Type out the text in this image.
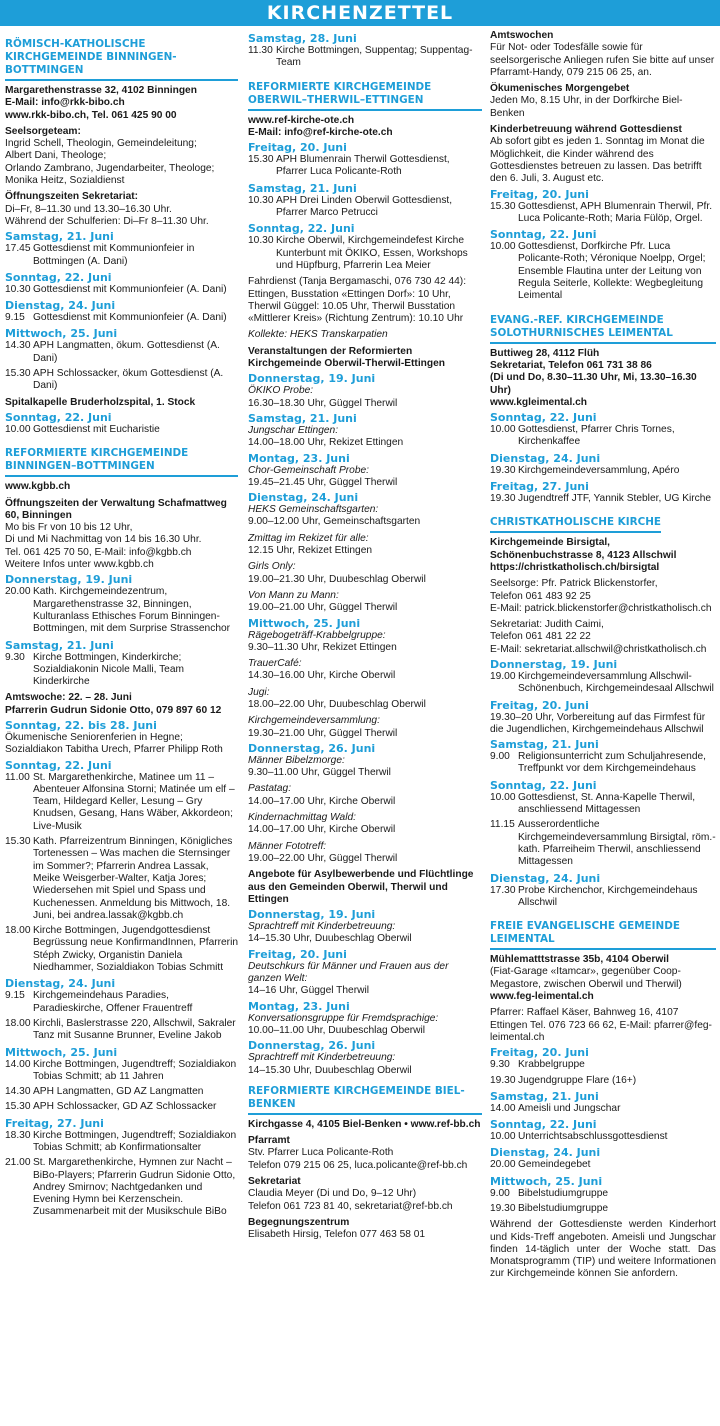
KIRCHENZETTEL
RÖMISCH-KATHOLISCHE KIRCHGEMEINDE BINNINGEN-BOTTMINGEN
Margarethenstrasse 32, 4102 Binningen
E-Mail: info@rkk-bibo.ch
www.rkk-bibo.ch, Tel. 061 425 90 00
Seelsorgeteam:
Ingrid Schell, Theologin, Gemeindeleitung;
Albert Dani, Theologe;
Orlando Zambrano, Jugendarbeiter, Theologe;
Monika Heitz, Sozialdienst
Öffnungszeiten Sekretariat:
Di–Fr, 8–11.30 und 13.30–16.30 Uhr.
Während der Schulferien: Di–Fr 8–11.30 Uhr.
Samstag, 21. Juni
17.45 Gottesdienst mit Kommunionfeier in Bottmingen (A. Dani)
Sonntag, 22. Juni
10.30 Gottesdienst mit Kommunionfeier (A. Dani)
Dienstag, 24. Juni
9.15 Gottesdienst mit Kommunionfeier (A. Dani)
Mittwoch, 25. Juni
14.30 APH Langmatten, ökum. Gottesdienst (A. Dani)
15.30 APH Schlossacker, ökum Gottesdienst (A. Dani)
Spitalkapelle Bruderholzspital, 1. Stock
Sonntag, 22. Juni
10.00 Gottesdienst mit Eucharistie
REFORMIERTE KIRCHGEMEINDE BINNINGEN–BOTTMINGEN
www.kgbb.ch
Öffnungszeiten der Verwaltung Schafmattweg 60, Binningen
Mo bis Fr von 10 bis 12 Uhr,
Di und Mi Nachmittag von 14 bis 16.30 Uhr.
Tel. 061 425 70 50, E-Mail: info@kgbb.ch
Weitere Infos unter www.kgbb.ch
Donnerstag, 19. Juni
20.00 Kath. Kirchgemeindezentrum, Margarethenstrasse 32, Binningen, Kulturanlass Ethisches Forum Binningen-Bottmingen, mit dem Surprise Strassenchor
Samstag, 21. Juni
9.30 Kirche Bottmingen, Kinderkirche; Sozialdiakonin Nicole Malli, Team Kinderkirche
Amtswoche: 22. – 28. Juni
Pfarrerin Gudrun Sidonie Otto, 079 897 60 12
Sonntag, 22. bis 28. Juni
Ökumenische Seniorenferien in Hegne;
Sozialdiakon Tabitha Urech, Pfarrer Philipp Roth
Sonntag, 22. Juni
11.00 St. Margarethenkirche, Matinee um 11 – Abenteuer Alfonsina Storni; Matinée um elf – Team, Hildegard Keller, Lesung – Gry Knudsen, Gesang, Hans Wäber, Akkordeon; Live-Musik
15.30 Kath. Pfarreizentrum Binningen, Königliches Tortenessen – Was machen die Sternsinger im Sommer?; Pfarrerin Andrea Lassak, Meike Weisgerber-Walter, Katja Jores; Wiedersehen mit Spiel und Spass und Kuchenessen. Anmeldung bis Mittwoch, 18. Juni, bei andrea.lassak@kgbb.ch
18.00 Kirche Bottmingen, Jugendgottesdienst Begrüssung neue KonfirmandInnen, Pfarrerin Stéph Zwicky, Organistin Daniela Niedhammer, Sozialdiakon Tobias Schmitt
Dienstag, 24. Juni
9.15 Kirchgemeindehaus Paradies, Paradieskirche, Offener Frauentreff
18.00 Kirchli, Baslerstrasse 220, Allschwil, Sakraler Tanz mit Susanne Brunner, Eveline Jakob
Mittwoch, 25. Juni
14.00 Kirche Bottmingen, Jugendtreff; Sozialdiakon Tobias Schmitt; ab 11 Jahren
14.30 APH Langmatten, GD AZ Langmatten
15.30 APH Schlossacker, GD AZ Schlossacker
Freitag, 27. Juni
18.30 Kirche Bottmingen, Jugendtreff; Sozialdiakon Tobias Schmitt; ab Konfirmationsalter
21.00 St. Margarethenkirche, Hymnen zur Nacht – BiBo-Players; Pfarrerin Gudrun Sidonie Otto, Andrey Smirnov; Nachtgedanken und Evening Hymn bei Kerzenschein. Zusammenarbeit mit der Musikschule BiBo
Samstag, 28. Juni
11.30 Kirche Bottmingen, Suppentag; Suppentag-Team
REFORMIERTE KIRCHGEMEINDE OBERWIL–THERWIL–ETTINGEN
www.ref-kirche-ote.ch
E-Mail: info@ref-kirche-ote.ch
Freitag, 20. Juni
15.30 APH Blumenrain Therwil Gottesdienst, Pfarrer Luca Policante-Roth
Samstag, 21. Juni
10.30 APH Drei Linden Oberwil Gottesdienst, Pfarrer Marco Petrucci
Sonntag, 22. Juni
10.30 Kirche Oberwil, Kirchgemeindefest Kirche Kunterbunt mit ÖKIKO, Essen, Workshops und Hüpfburg, Pfarrerin Lea Meier
Fahrdienst (Tanja Bergamaschi, 076 730 42 44): Ettingen, Busstation «Ettingen Dorf»: 10 Uhr, Therwil Güggel: 10.05 Uhr, Therwil Busstation «Mittlerer Kreis» (Richtung Zentrum): 10.10 Uhr
Kollekte: HEKS Transkarpatien
Veranstaltungen der Reformierten Kirchgemeinde Oberwil-Therwil-Ettingen
Donnerstag, 19. Juni
ÖKIKO Probe:
16.30–18.30 Uhr, Güggel Therwil
Samstag, 21. Juni
Jungschar Ettingen:
14.00–18.00 Uhr, Rekizet Ettingen
Montag, 23. Juni
Chor-Gemeinschaft Probe:
19.45–21.45 Uhr, Güggel Therwil
Dienstag, 24. Juni
HEKS Gemeinschaftsgarten:
9.00–12.00 Uhr, Gemeinschaftsgarten
Zmittag im Rekizet für alle:
12.15 Uhr, Rekizet Ettingen
Girls Only:
19.00–21.30 Uhr, Duubeschlag Oberwil
Von Mann zu Mann:
19.00–21.00 Uhr, Güggel Therwil
Mittwoch, 25. Juni
Rägebogeträff-Krabbelgruppe:
9.30–11.30 Uhr, Rekizet Ettingen
TrauerCafé:
14.30–16.00 Uhr, Kirche Oberwil
Jugi:
18.00–22.00 Uhr, Duubeschlag Oberwil
Kirchgemeindeversammlung:
19.30–21.00 Uhr, Güggel Therwil
Donnerstag, 26. Juni
Männer Bibelzmorge:
9.30–11.00 Uhr, Güggel Therwil
Pastatag:
14.00–17.00 Uhr, Kirche Oberwil
Kindernachmittag Wald:
14.00–17.00 Uhr, Kirche Oberwil
Männer Fototreff:
19.00–22.00 Uhr, Güggel Therwil
Angebote für Asylbewerbende und Flüchtlinge aus den Gemeinden Oberwil, Therwil und Ettingen
Donnerstag, 19. Juni
Sprachtreff mit Kinderbetreuung:
14–15.30 Uhr, Duubeschlag Oberwil
Freitag, 20. Juni
Deutschkurs für Männer und Frauen aus der ganzen Welt:
14–16 Uhr, Güggel Therwil
Montag, 23. Juni
Konversationsgruppe für Fremdsprachige:
10.00–11.00 Uhr, Duubeschlag Oberwil
Donnerstag, 26. Juni
Sprachtreff mit Kinderbetreuung:
14–15.30 Uhr, Duubeschlag Oberwil
REFORMIERTE KIRCHGEMEINDE BIEL-BENKEN
Kirchgasse 4, 4105 Biel-Benken • www.ref-bb.ch
Pfarramt
Stv. Pfarrer Luca Policante-Roth
Telefon 079 215 06 25, luca.policante@ref-bb.ch
Sekretariat
Claudia Meyer (Di und Do, 9–12 Uhr)
Telefon 061 723 81 40, sekretariat@ref-bb.ch
Begegnungszentrum
Elisabeth Hirsig, Telefon 077 463 58 01
Amtswochen
Für Not- oder Todesfälle sowie für seelsorgerische Anliegen rufen Sie bitte auf unser Pfarramt-Handy, 079 215 06 25, an.
Ökumenisches Morgengebet
Jeden Mo, 8.15 Uhr, in der Dorfkirche Biel-Benken
Kinderbetreuung während Gottesdienst
Ab sofort gibt es jeden 1. Sonntag im Monat die Möglichkeit, die Kinder während des Gottesdienstes betreuen zu lassen. Das betrifft den 6. Juli, 3. August etc.
Freitag, 20. Juni
15.30 Gottesdienst, APH Blumenrain Therwil, Pfr. Luca Policante-Roth; Maria Fülöp, Orgel.
Sonntag, 22. Juni
10.00 Gottesdienst, Dorfkirche Pfr. Luca Policante-Roth; Véronique Noelpp, Orgel; Ensemble Flautina unter der Leitung von Regula Seiterle, Kollekte: Wegbegleitung Leimental
EVANG.-REF. KIRCHGEMEINDE SOLOTHURNISCHES LEIMENTAL
Buttiweg 28, 4112 Flüh
Sekretariat, Telefon 061 731 38 86
(Di und Do, 8.30–11.30 Uhr, Mi, 13.30–16.30 Uhr)
www.kgleimental.ch
Sonntag, 22. Juni
10.00 Gottesdienst, Pfarrer Chris Tornes, Kirchenkaffee
Dienstag, 24. Juni
19.30 Kirchgemeindeversammlung, Apéro
Freitag, 27. Juni
19.30 Jugendtreff JTF, Yannik Stebler, UG Kirche
CHRISTKATHOLISCHE KIRCHE
Kirchgemeinde Birsigtal,
Schönenbuchstrasse 8, 4123 Allschwil
https://christkatholisch.ch/birsigtal
Seelsorge: Pfr. Patrick Blickenstorfer,
Telefon 061 483 92 25
E-Mail: patrick.blickenstorfer@christkatholisch.ch
Sekretariat: Judith Caimi,
Telefon 061 481 22 22
E-Mail: sekretariat.allschwil@christkatholisch.ch
Donnerstag, 19. Juni
19.00 Kirchgemeindeversammlung Allschwil-Schönenbuch, Kirchgemeindesaal Allschwil
Freitag, 20. Juni
19.30–20 Uhr, Vorbereitung auf das Firmfest für die Jugendlichen, Kirchgemeindehaus Allschwil
Samstag, 21. Juni
9.00 Religionsunterricht zum Schuljahresende, Treffpunkt vor dem Kirchgemeindehaus
Sonntag, 22. Juni
10.00 Gottesdienst, St. Anna-Kapelle Therwil, anschliessend Mittagessen
11.15 Ausserordentliche Kirchgemeindeversammlung Birsigtal, röm.-kath. Pfarreiheim Therwil, anschliessend Mittagessen
Dienstag, 24. Juni
17.30 Probe Kirchenchor, Kirchgemeindehaus Allschwil
FREIE EVANGELISCHE GEMEINDE LEIMENTAL
Mühlematttstrasse 35b, 4104 Oberwil
(Fiat-Garage «Itamcar», gegenüber Coop-Megastore, zwischen Oberwil und Therwil)
www.feg-leimental.ch
Pfarrer: Raffael Käser, Bahnweg 16, 4107 Ettingen Tel. 076 723 66 62, E-Mail: pfarrer@feg-leimental.ch
Freitag, 20. Juni
9.30 Krabbelgruppe
19.30 Jugendgruppe Flare (16+)
Samstag, 21. Juni
14.00 Ameisli und Jungschar
Sonntag, 22. Juni
10.00 Unterrichtsabschlussgottesdienst
Dienstag, 24. Juni
20.00 Gemeindegebet
Mittwoch, 25. Juni
9.00 Bibelstudiumgruppe
19.30 Bibelstudiumgruppe
Während der Gottesdienste werden Kinderhort und Kids-Treff angeboten. Ameisli und Jungschar finden 14-täglich unter der Woche statt. Das Monatsprogramm (TIP) und weitere Informationen zur Kirchgemeinde können Sie anfordern.
